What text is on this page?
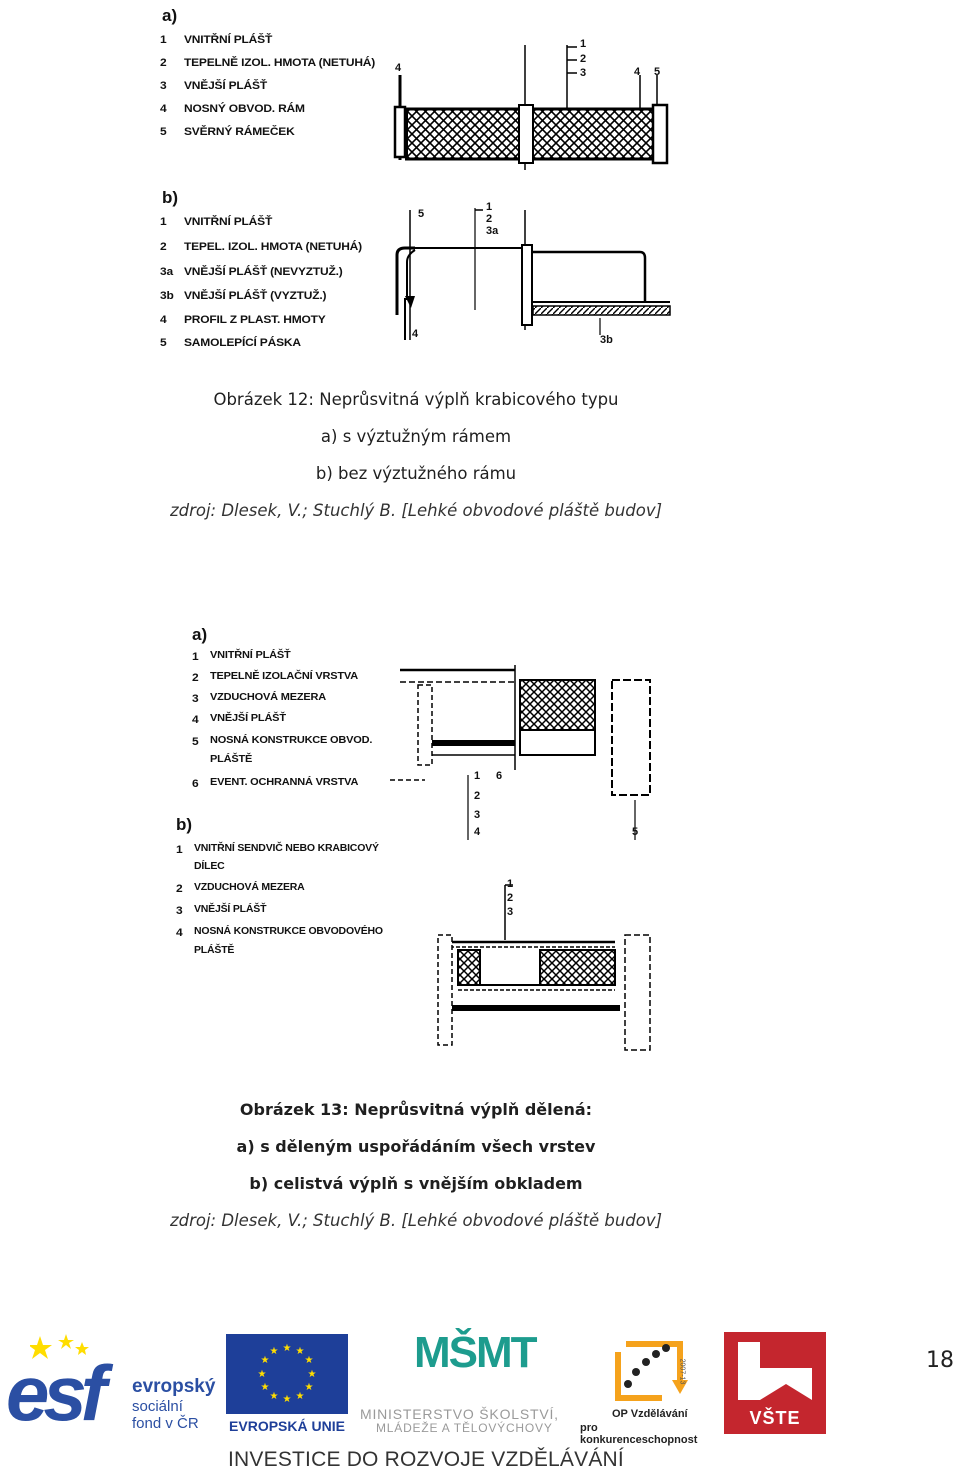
a)
1 VNITŘNÍ PLÁŠŤ
2 TEPELNĚ IZOL. HMOTA (NETUHÁ)
3 VNĚJŠÍ PLÁŠŤ
4 NOSNÝ OBVOD. RÁM
5 SVĚRNÝ RÁMEČEK
4
1
2
3	4 5
b)
1 VNITŘNÍ PLÁŠŤ
2 TEPEL. IZOL. HMOTA (NETUHÁ)
3a VNĚJŠÍ PLÁŠŤ (NEVYZTUŽ.)
3b VNĚJŠÍ PLÁŠŤ (VYZTUŽ.)
4 PROFIL Z PLAST. HMOTY
5 SAMOLEPÍCÍ PÁSKA
5
1
2
3a
4	3b
Obrázek 12: Neprůsvitná výplň krabicového typu
a) s výztužným rámem
b) bez výztužného rámu
zdroj: Dlesek, V.; Stuchlý B. [Lehké obvodové pláště budov]
a)
1 VNITŘNÍ PLÁŠŤ
2 TEPELNĚ IZOLAČNÍ VRSTVA
3 VZDUCHOVÁ MEZERA
4 VNĚJŠÍ PLÁŠŤ
5 NOSNÁ KONSTRUKCE OBVOD.
PLÁŠTĚ
6 EVENT. OCHRANNÁ VRSTVA	1 6
2
3
4	5
b)
1 VNITŘNÍ SENDVIČ NEBO KRABICOVÝ
DÍLEC
2 VZDUCHOVÁ MEZERA
3 VNĚJŠÍ PLÁŠŤ
4 NOSNÁ KONSTRUKCE OBVODOVÉHO
PLÁŠTĚ
1
2
3
Obrázek 13: Neprůsvitná výplň dělená:
a) s děleným uspořádáním všech vrstev
b) celistvá výplň s vnějším obkladem
zdroj: Dlesek, V.; Stuchlý B. [Lehké obvodové pláště budov]
esf evropský
sociální
fond v ČR
★ ★
★
★
★
★
★
★
★
★
★
★
EVROPSKÁ UNIE
MŠMT
MINISTERSTVO ŠKOLSTVÍ,
MLÁDEŽE A TĚLOVÝCHOVY
2007-13
OP Vzdělávání
pro konkurenceschopnost
VŠTE
18
INVESTICE DO ROZVOJE VZDĚLÁVÁNÍ
